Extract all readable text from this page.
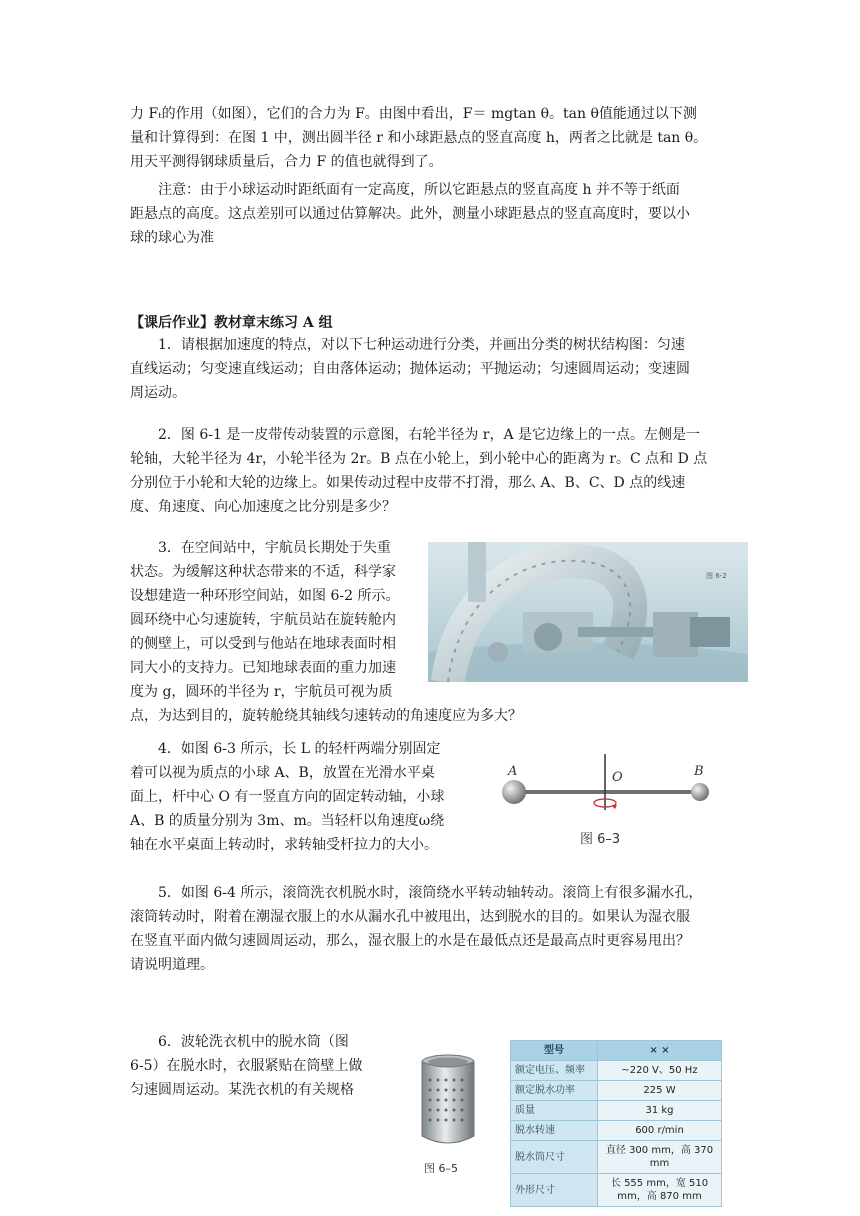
力 Fₜ的作用（如图），它们的合力为 F。由图中看出，F＝ mgtan θ。tan θ值能通过以下测
量和计算得到：在图 1 中，测出圆半径 r 和小球距悬点的竖直高度 h，两者之比就是 tan θ。
用天平测得钢球质量后，合力 F 的值也就得到了。
注意：由于小球运动时距纸面有一定高度，所以它距悬点的竖直高度 h 并不等于纸面
距悬点的高度。这点差别可以通过估算解决。此外，测量小球距悬点的竖直高度时，要以小
球的球心为准
【课后作业】教材章末练习 A 组
1．请根据加速度的特点，对以下七种运动进行分类，并画出分类的树状结构图：匀速
直线运动；匀变速直线运动；自由落体运动；抛体运动；平抛运动；匀速圆周运动；变速圆
周运动。
2．图 6-1 是一皮带传动装置的示意图，右轮半径为 r，A 是它边缘上的一点。左侧是一
轮轴，大轮半径为 4r，小轮半径为 2r。B 点在小轮上，到小轮中心的距离为 r。C 点和 D 点
分别位于小轮和大轮的边缘上。如果传动过程中皮带不打滑，那么 A、B、C、D 点的线速
度、角速度、向心加速度之比分别是多少？
3．在空间站中，宇航员长期处于失重
状态。为缓解这种状态带来的不适，科学家
设想建造一种环形空间站，如图 6-2 所示。
圆环绕中心匀速旋转，宇航员站在旋转舱内
的侧壁上，可以受到与他站在地球表面时相
同大小的支持力。已知地球表面的重力加速
度为 g，圆环的半径为 r，宇航员可视为质
点，为达到目的，旋转舱绕其轴线匀速转动的角速度应为多大？
图 6-2
4．如图 6-3 所示，长 L 的轻杆两端分别固定
着可以视为质点的小球 A、B，放置在光滑水平桌
面上，杆中心 O 有一竖直方向的固定转动轴，小球
A、B 的质量分别为 3m、m。当轻杆以角速度ω绕
轴在水平桌面上转动时，求转轴受杆拉力的大小。
A	O	B
图 6–3
5．如图 6-4 所示，滚筒洗衣机脱水时，滚筒绕水平转动轴转动。滚筒上有很多漏水孔，
滚筒转动时，附着在潮湿衣服上的水从漏水孔中被甩出，达到脱水的目的。如果认为湿衣服
在竖直平面内做匀速圆周运动，那么，湿衣服上的水是在最低点还是最高点时更容易甩出？
请说明道理。
6．波轮洗衣机中的脱水筒（图
6-5）在脱水时，衣服紧贴在筒壁上做
匀速圆周运动。某洗衣机的有关规格
图 6–5
型号	× ×
额定电压、频率	~220 V、50 Hz
额定脱水功率	225 W
质量	31 kg
脱水转速	600 r/min
脱水筒尺寸	直径 300 mm，高 370 mm
外形尺寸	长 555 mm，宽 510 mm，高 870 mm
